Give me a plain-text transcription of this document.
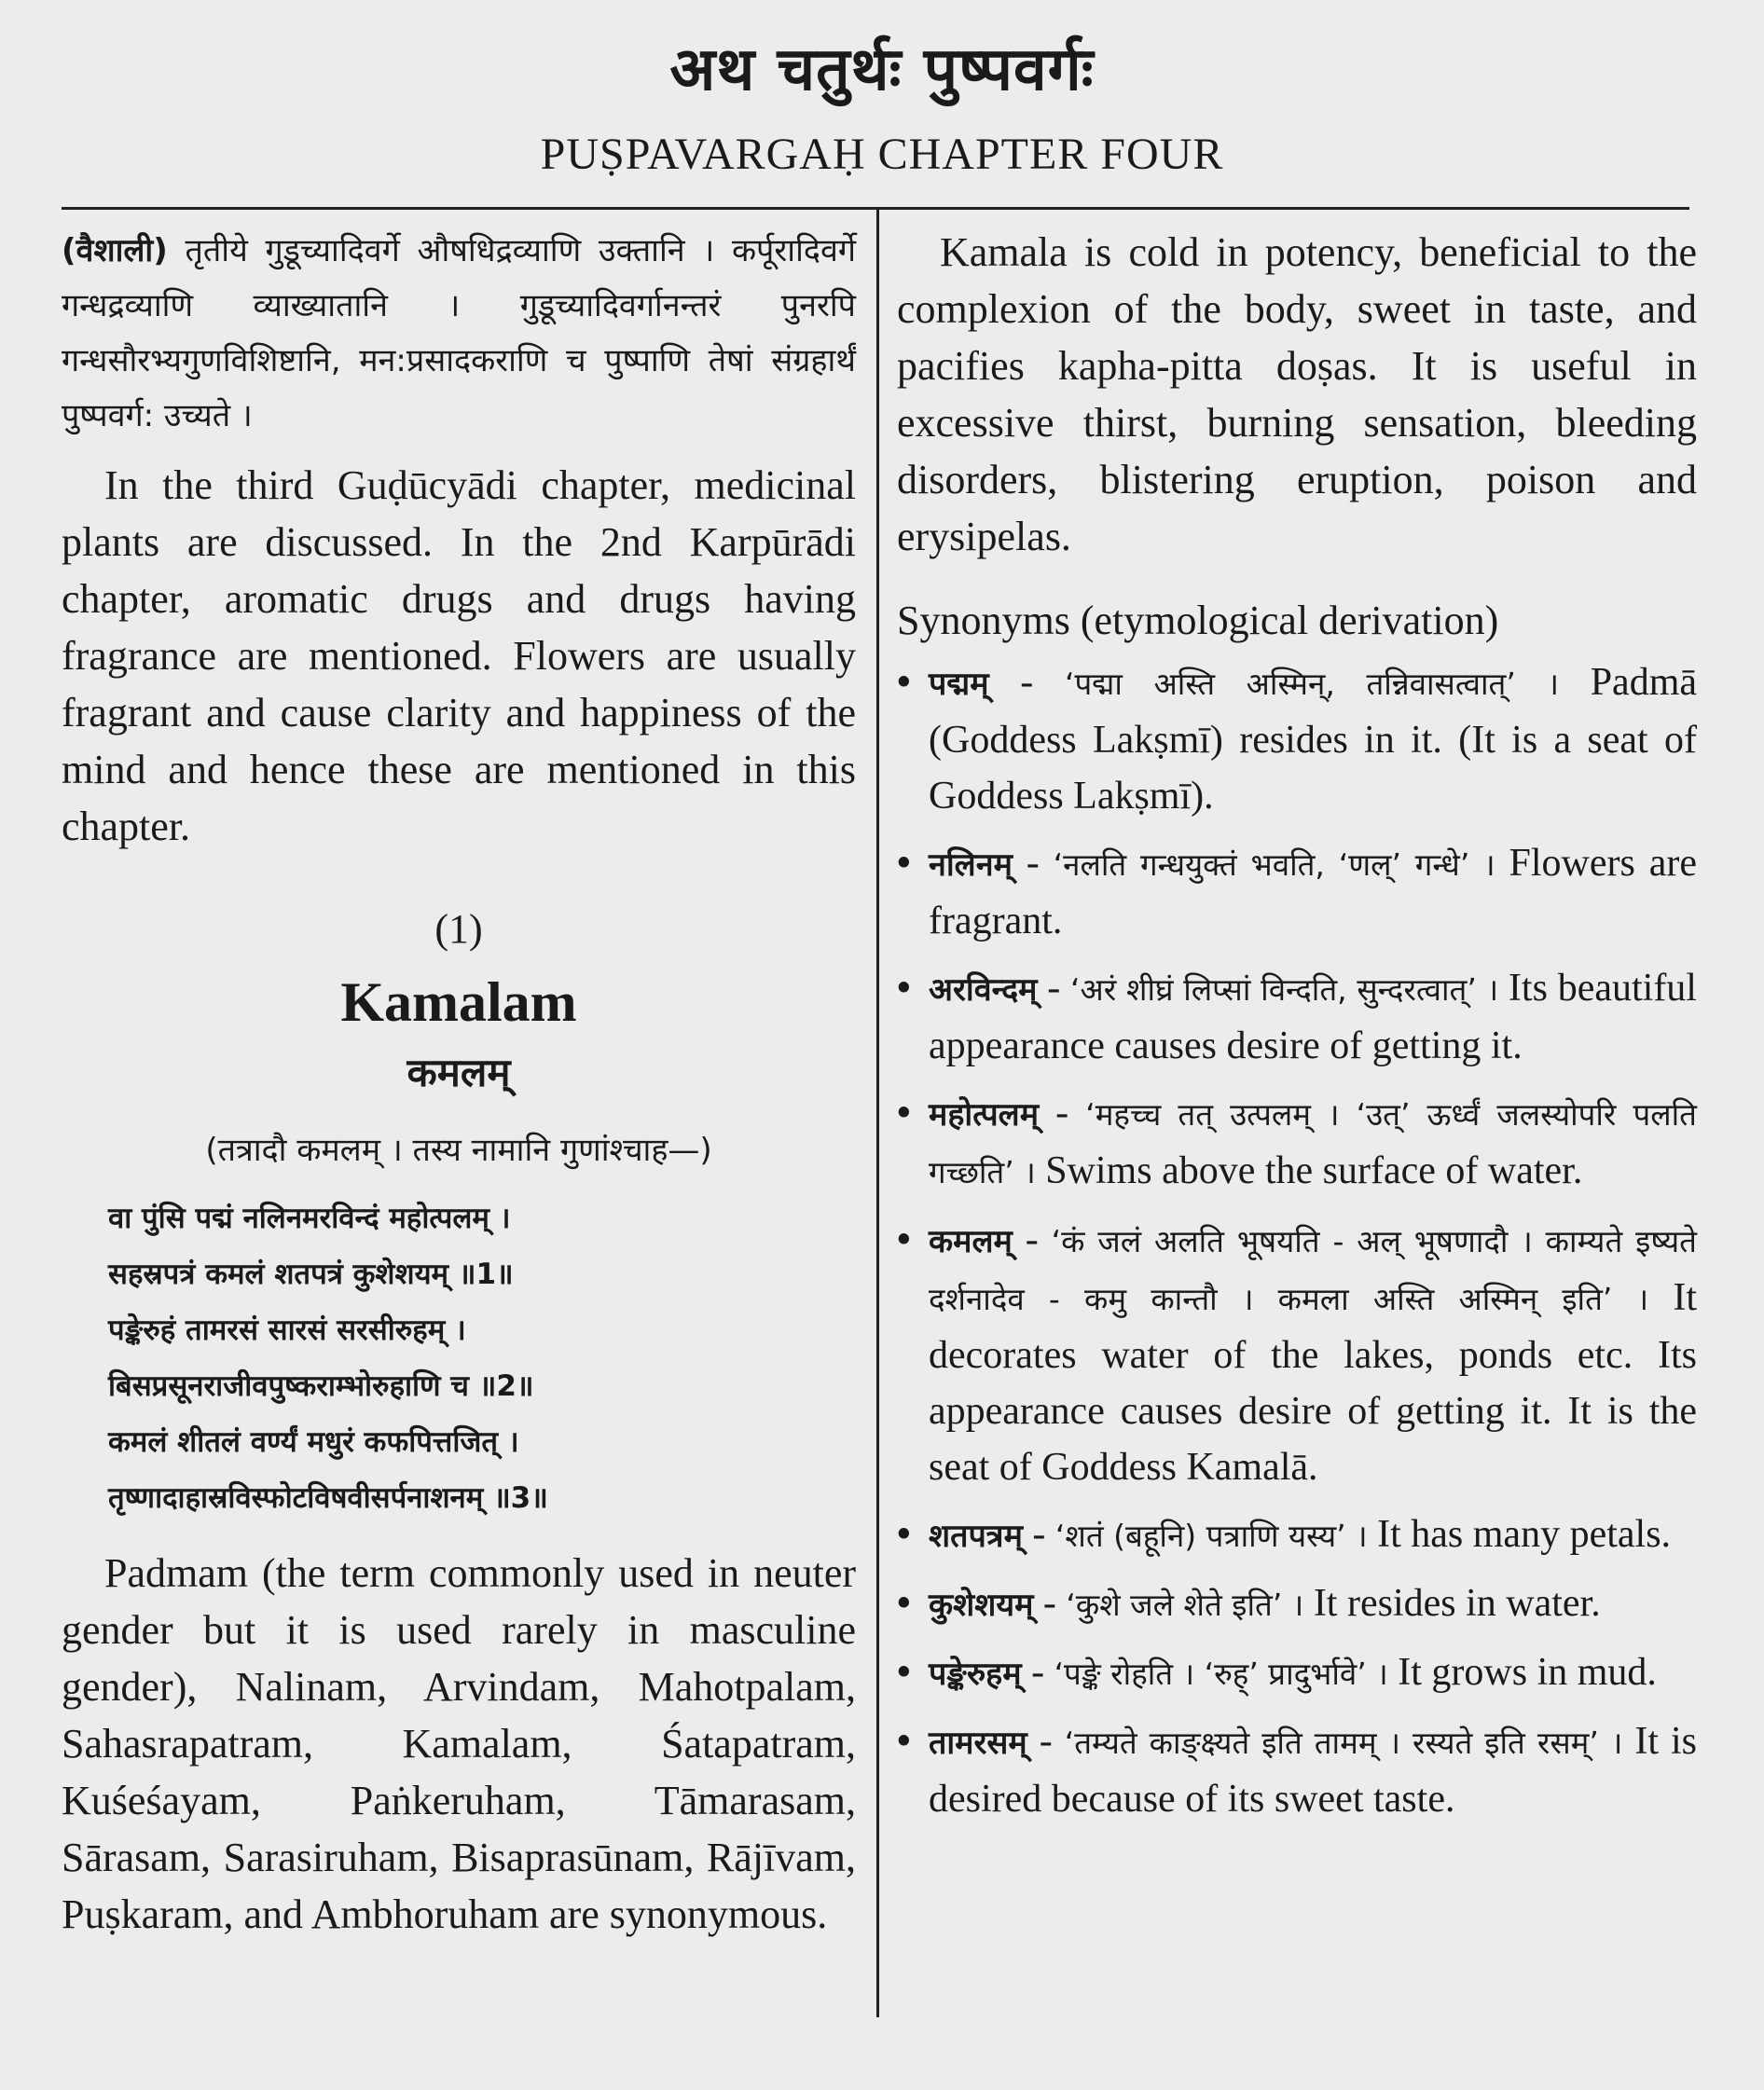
अथ चतुर्थः पुष्पवर्गः
PUṢPAVARGAḤ CHAPTER FOUR

(वैशाली) तृतीये गुडूच्यादिवर्गे औषधिद्रव्याणि उक्तानि । कर्पूरादिवर्गे गन्धद्रव्याणि व्याख्यातानि । गुडूच्यादिवर्गानन्तरं पुनरपि गन्धसौरभ्यगुणविशिष्टानि, मन:प्रसादकराणि च पुष्पाणि तेषां संग्रहार्थं पुष्पवर्ग: उच्यते ।

In the third Guḍūcyādi chapter, medicinal plants are discussed. In the 2nd Karpūrādi chapter, aromatic drugs and drugs having fragrance are mentioned. Flowers are usually fragrant and cause clarity and happiness of the mind and hence these are mentioned in this chapter.

(1)
Kamalam
कमलम्
(तत्रादौ कमलम् । तस्य नामानि गुणांश्चाह—)
वा पुंसि पद्मं नलिनमरविन्दं महोत्पलम् ।
सहस्रपत्रं कमलं शतपत्रं कुशेशयम् ॥1॥
पङ्केरुहं तामरसं सारसं सरसीरुहम् ।
बिसप्रसूनराजीवपुष्कराम्भोरुहाणि च ॥2॥
कमलं शीतलं वर्ण्यं मधुरं कफपित्तजित् ।
तृष्णादाहास्रविस्फोटविषवीसर्पनाशनम् ॥3॥

Padmam (the term commonly used in neuter gender but it is used rarely in masculine gender), Nalinam, Arvindam, Mahotpalam, Sahasrapatram, Kamalam, Śatapatram, Kuśeśayam, Paṅkeruham, Tāmarasam, Sārasam, Sarasiruham, Bisaprasūnam, Rājīvam, Puṣkaram, and Ambhoruham are synonymous.

Kamala is cold in potency, beneficial to the complexion of the body, sweet in taste, and pacifies kapha-pitta doṣas. It is useful in excessive thirst, burning sensation, bleeding disorders, blistering eruption, poison and erysipelas.

Synonyms (etymological derivation)
• पद्मम् - ‘पद्मा अस्ति अस्मिन्, तन्निवासत्वात्’ । Padmā (Goddess Lakṣmī) resides in it. (It is a seat of Goddess Lakṣmī).
• नलिनम् - ‘नलति गन्धयुक्तं भवति, ‘णल्’ गन्धे’ । Flowers are fragrant.
• अरविन्दम् - ‘अरं शीघ्रं लिप्सां विन्दति, सुन्दरत्वात्’ । Its beautiful appearance causes desire of getting it.
• महोत्पलम् - ‘महच्च तत् उत्पलम् । ‘उत्’ ऊर्ध्वं जलस्योपरि पलति गच्छति’ । Swims above the surface of water.
• कमलम् - ‘कं जलं अलति भूषयति - अल् भूषणादौ । काम्यते इष्यते दर्शनादेव - कमु कान्तौ । कमला अस्ति अस्मिन् इति’ । It decorates water of the lakes, ponds etc. Its appearance causes desire of getting it. It is the seat of Goddess Kamalā.
• शतपत्रम् - ‘शतं (बहूनि) पत्राणि यस्य’ । It has many petals.
• कुशेशयम् - ‘कुशे जले शेते इति’ । It resides in water.
• पङ्केरुहम् - ‘पङ्के रोहति । ‘रुह्’ प्रादुर्भावे’ । It grows in mud.
• तामरसम् - ‘तम्यते काङ्क्ष्यते इति तामम् । रस्यते इति रसम्’ । It is desired because of its sweet taste.
